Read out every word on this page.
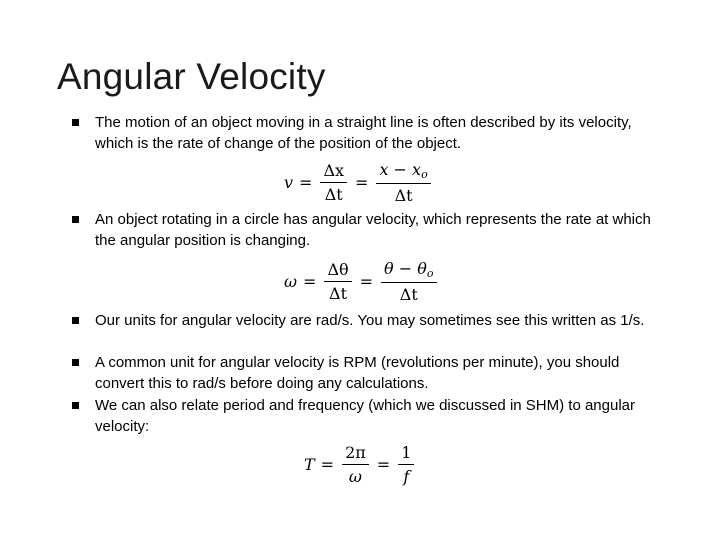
Angular Velocity
The motion of an object moving in a straight line is often described by its velocity, which is the rate of change of the position of the object.
$v = \frac{\Delta x}{\Delta t} = \frac{x - x_o}{\Delta t}$
An object rotating in a circle has angular velocity, which represents the rate at which the angular position is changing.
$\omega = \frac{\Delta\theta}{\Delta t} = \frac{\theta - \theta_o}{\Delta t}$
Our units for angular velocity are rad/s. You may sometimes see this written as 1/s.
A common unit for angular velocity is RPM (revolutions per minute), you should convert this to rad/s before doing any calculations.
We can also relate period and frequency (which we discussed in SHM) to angular velocity:
$T = \frac{2\pi}{\omega} = \frac{1}{f}$
